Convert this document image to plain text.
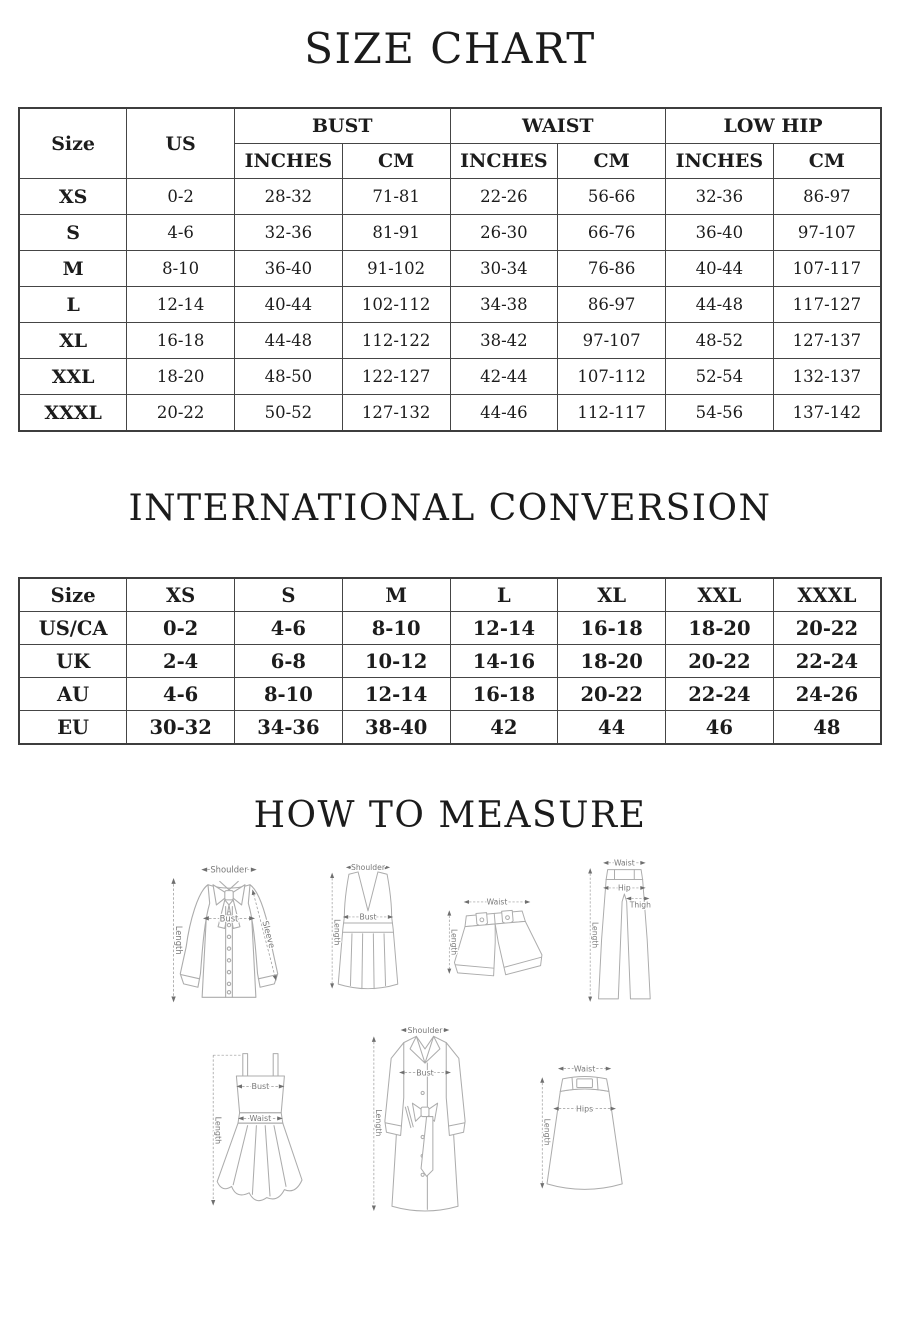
SIZE CHART
Size	US	BUST		WAIST		LOW HIP	
		INCHES	CM	INCHES	CM	INCHES	CM
XS	0-2	28-32	71-81	22-26	56-66	32-36	86-97
S	4-6	32-36	81-91	26-30	66-76	36-40	97-107
M	8-10	36-40	91-102	30-34	76-86	40-44	107-117
L	12-14	40-44	102-112	34-38	86-97	44-48	117-127
XL	16-18	44-48	112-122	38-42	97-107	48-52	127-137
XXL	18-20	48-50	122-127	42-44	107-112	52-54	132-137
XXXL	20-22	50-52	127-132	44-46	112-117	54-56	137-142
INTERNATIONAL CONVERSION
Size	XS	S	M	L	XL	XXL	XXXL
US/CA	0-2	4-6	8-10	12-14	16-18	18-20	20-22
UK	2-4	6-8	10-12	14-16	18-20	20-22	22-24
AU	4-6	8-10	12-14	16-18	20-22	22-24	24-26
EU	30-32	34-36	38-40	42	44	46	48
HOW TO MEASURE
Shoulder
Bust
Length	Sleeve
Shoulder
Bust
Length
Waist
Length
Waist
Hip
Thigh
Length
Bust
Waist
Length
Shoulder
Bust
Length
Waist
Hips
Length
